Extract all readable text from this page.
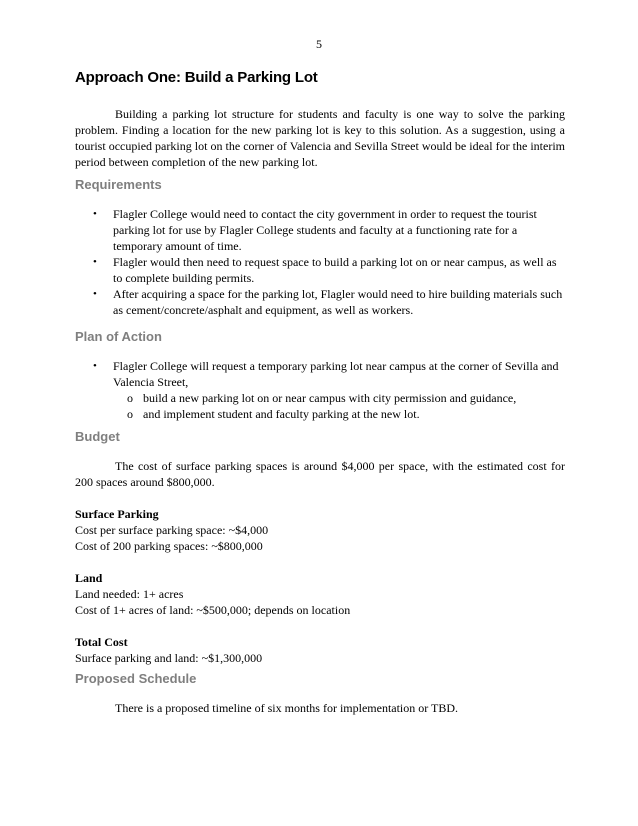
5
Approach One: Build a Parking Lot

Building a parking lot structure for students and faculty is one way to solve the parking problem. Finding a location for the new parking lot is key to this solution. As a suggestion, using a tourist occupied parking lot on the corner of Valencia and Sevilla Street would be ideal for the interim period between completion of the new parking lot.

Requirements
• Flagler College would need to contact the city government in order to request the tourist parking lot for use by Flagler College students and faculty at a functioning rate for a temporary amount of time.
• Flagler would then need to request space to build a parking lot on or near campus, as well as to complete building permits.
• After acquiring a space for the parking lot, Flagler would need to hire building materials such as cement/concrete/asphalt and equipment, as well as workers.
Plan of Action
• Flagler College will request a temporary parking lot near campus at the corner of Sevilla and Valencia Street,
o build a new parking lot on or near campus with city permission and guidance,
o and implement student and faculty parking at the new lot.
Budget

The cost of surface parking spaces is around $4,000 per space, with the estimated cost for 200 spaces around $800,000.

Surface Parking
Cost per surface parking space: ~$4,000
Cost of 200 parking spaces: ~$800,000
Land
Land needed: 1+ acres
Cost of 1+ acres of land: ~$500,000; depends on location
Total Cost
Surface parking and land: ~$1,300,000
Proposed Schedule

There is a proposed timeline of six months for implementation or TBD.
